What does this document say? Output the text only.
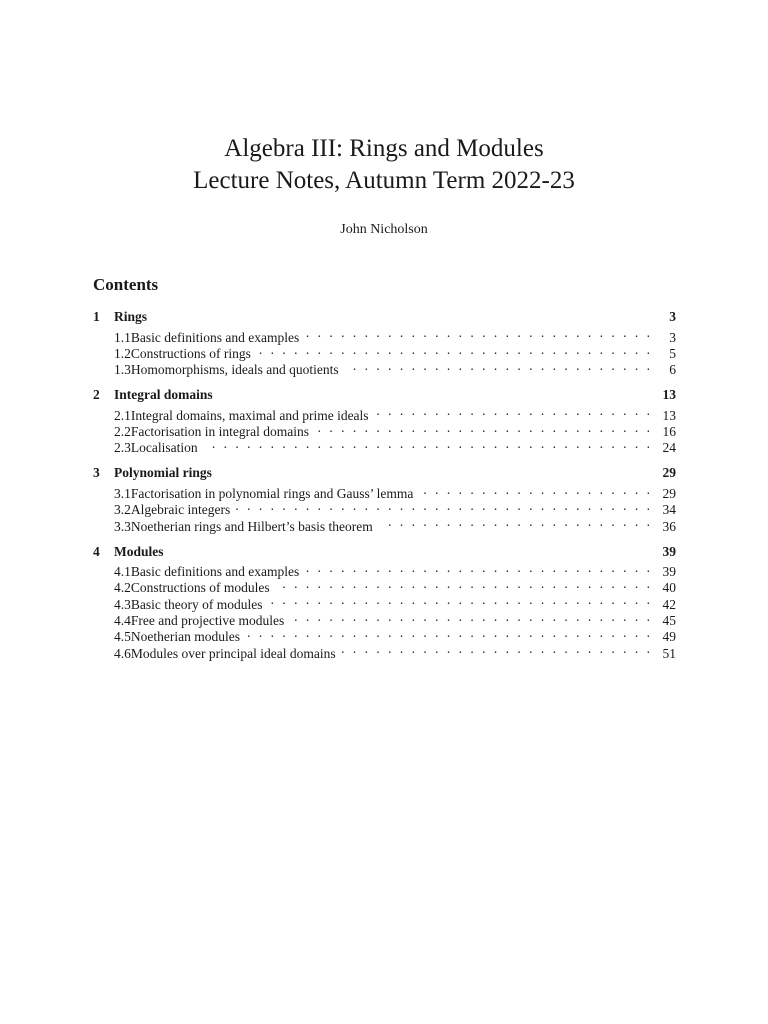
Algebra III: Rings and Modules
Lecture Notes, Autumn Term 2022-23
John Nicholson
Contents
1	Rings	3
1.1 Basic definitions and examples . . .	3
1.2 Constructions of rings . . .	5
1.3 Homomorphisms, ideals and quotients . . .	6
2	Integral domains	13
2.1 Integral domains, maximal and prime ideals . . .	13
2.2 Factorisation in integral domains . . .	16
2.3 Localisation . . .	24
3	Polynomial rings	29
3.1 Factorisation in polynomial rings and Gauss’ lemma . . .	29
3.2 Algebraic integers . . .	34
3.3 Noetherian rings and Hilbert’s basis theorem . . .	36
4	Modules	39
4.1 Basic definitions and examples . . .	39
4.2 Constructions of modules . . .	40
4.3 Basic theory of modules . . .	42
4.4 Free and projective modules . . .	45
4.5 Noetherian modules . . .	49
4.6 Modules over principal ideal domains . . .	51
